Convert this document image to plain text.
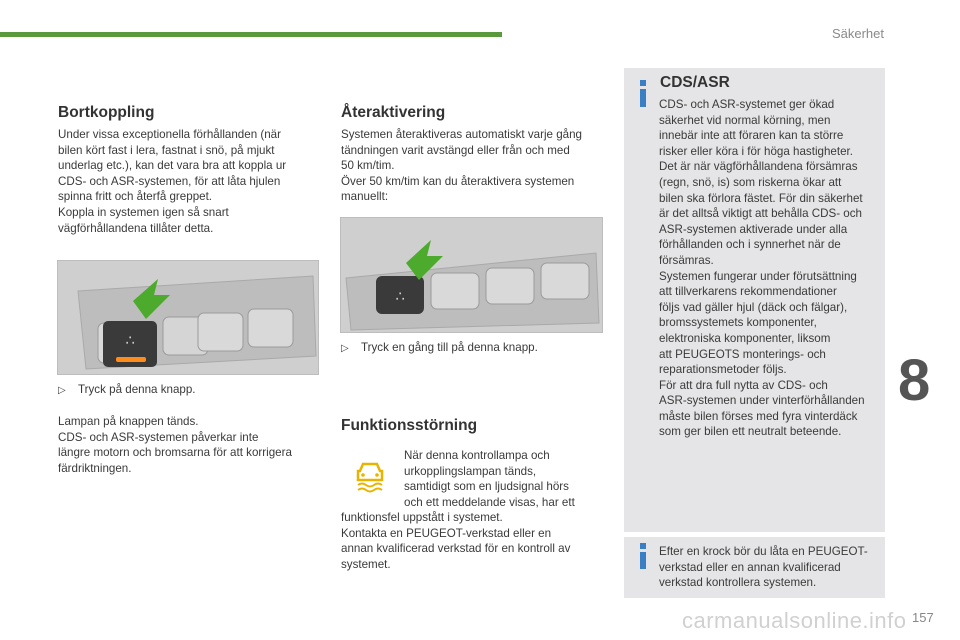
Säkerhet
8
Bortkoppling

Under vissa exceptionella förhållanden (när
bilen kört fast i lera, fastnat i snö, på mjukt
underlag etc.), kan det vara bra att koppla ur
CDS- och ASR-systemen, för att låta hjulen
spinna fritt och återfå greppet.
Koppla in systemen igen så snart
vägförhållandena tillåter detta.

∴
▷ Tryck på denna knapp.

Lampan på knappen tänds.
CDS- och ASR-systemen påverkar inte
längre motorn och bromsarna för att korrigera
färdriktningen.

Återaktivering

Systemen återaktiveras automatiskt varje gång
tändningen varit avstängd eller från och med
50 km/tim.
Över 50 km/tim kan du återaktivera systemen
manuellt:

∴
▷ Tryck en gång till på denna knapp.
Funktionsstörning

När denna kontrollampa och
urkopplingslampan tänds,
samtidigt som en ljudsignal hörs
och ett meddelande visas, har ett

funktionsfel uppstått i systemet.
Kontakta en PEUGEOT-verkstad eller en
annan kvalificerad verkstad för en kontroll av
systemet.

CDS/ASR

CDS- och ASR-systemet ger ökad
säkerhet vid normal körning, men
innebär inte att föraren kan ta större
risker eller köra i för höga hastigheter.
Det är när vägförhållandena försämras
(regn, snö, is) som riskerna ökar att
bilen ska förlora fästet. För din säkerhet
är det alltså viktigt att behålla CDS- och
ASR-systemen aktiverade under alla
förhållanden och i synnerhet när de
försämras.
Systemen fungerar under förutsättning
att tillverkarens rekommendationer
följs vad gäller hjul (däck och fälgar),
bromssystemets komponenter,
elektroniska komponenter, liksom
att PEUGEOTS monterings- och
reparationsmetoder följs.
För att dra full nytta av CDS- och
ASR-systemen under vinterförhållanden
måste bilen förses med fyra vinterdäck
som ger bilen ett neutralt beteende.

Efter en krock bör du låta en PEUGEOT-
verkstad eller en annan kvalificerad
verkstad kontrollera systemen.

157
carmanualsonline.info
